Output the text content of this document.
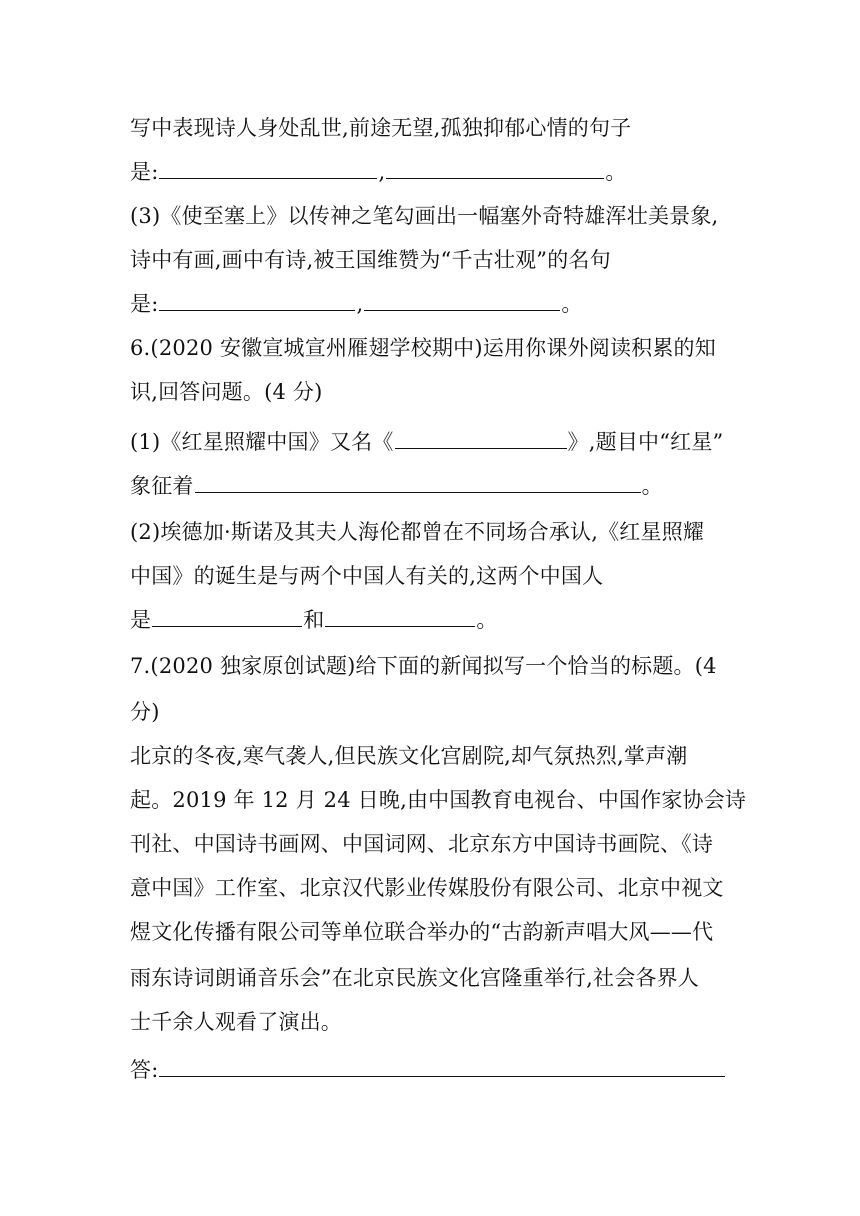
写中表现诗人身处乱世,前途无望,孤独抑郁心情的句子
是:	,	。
(3)《使至塞上》以传神之笔勾画出一幅塞外奇特雄浑壮美景象,
诗中有画,画中有诗,被王国维赞为“千古壮观”的名句
是:	,	。
6.(2020 安徽宣城宣州雁翅学校期中)运用你课外阅读积累的知
识,回答问题。(4 分)
(1)《红星照耀中国》又名《	》,题目中“红星”
象征着	。
(2)埃德加·斯诺及其夫人海伦都曾在不同场合承认,《红星照耀
中国》的诞生是与两个中国人有关的,这两个中国人
是	和	。
7.(2020 独家原创试题)给下面的新闻拟写一个恰当的标题。(4
分)
北京的冬夜,寒气袭人,但民族文化宫剧院,却气氛热烈,掌声潮
起。2019 年 12 月 24 日晚,由中国教育电视台、中国作家协会诗
刊社、中国诗书画网、中国词网、北京东方中国诗书画院、《诗
意中国》工作室、北京汉代影业传媒股份有限公司、北京中视文
煜文化传播有限公司等单位联合举办的“古韵新声唱大风——代
雨东诗词朗诵音乐会”在北京民族文化宫隆重举行,社会各界人
士千余人观看了演出。
答:
